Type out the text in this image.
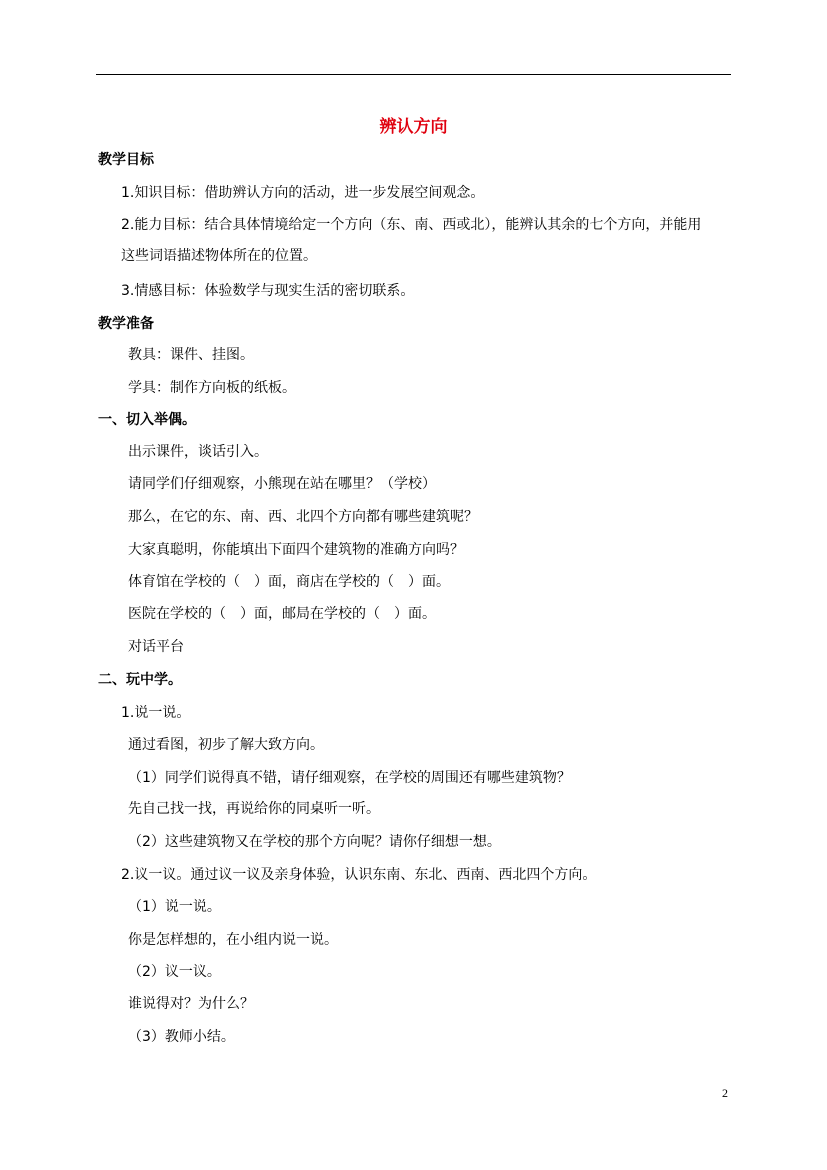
辨认方向
教学目标
1.知识目标：借助辨认方向的活动，进一步发展空间观念。
2.能力目标：结合具体情境给定一个方向（东、南、西或北），能辨认其余的七个方向，并能用
这些词语描述物体所在的位置。
3.情感目标：体验数学与现实生活的密切联系。
教学准备
教具：课件、挂图。
学具：制作方向板的纸板。
一、切入举偶。
出示课件，谈话引入。
请同学们仔细观察，小熊现在站在哪里？（学校）
那么，在它的东、南、西、北四个方向都有哪些建筑呢？
大家真聪明，你能填出下面四个建筑物的准确方向吗？
体育馆在学校的（　）面，商店在学校的（　）面。
医院在学校的（　）面，邮局在学校的（　）面。
对话平台
二、玩中学。
1.说一说。
通过看图，初步了解大致方向。
（1）同学们说得真不错，请仔细观察，在学校的周围还有哪些建筑物？
先自己找一找，再说给你的同桌听一听。
（2）这些建筑物又在学校的那个方向呢？请你仔细想一想。
2.议一议。通过议一议及亲身体验，认识东南、东北、西南、西北四个方向。
（1）说一说。
你是怎样想的，在小组内说一说。
（2）议一议。
谁说得对？为什么？
（3）教师小结。
2
